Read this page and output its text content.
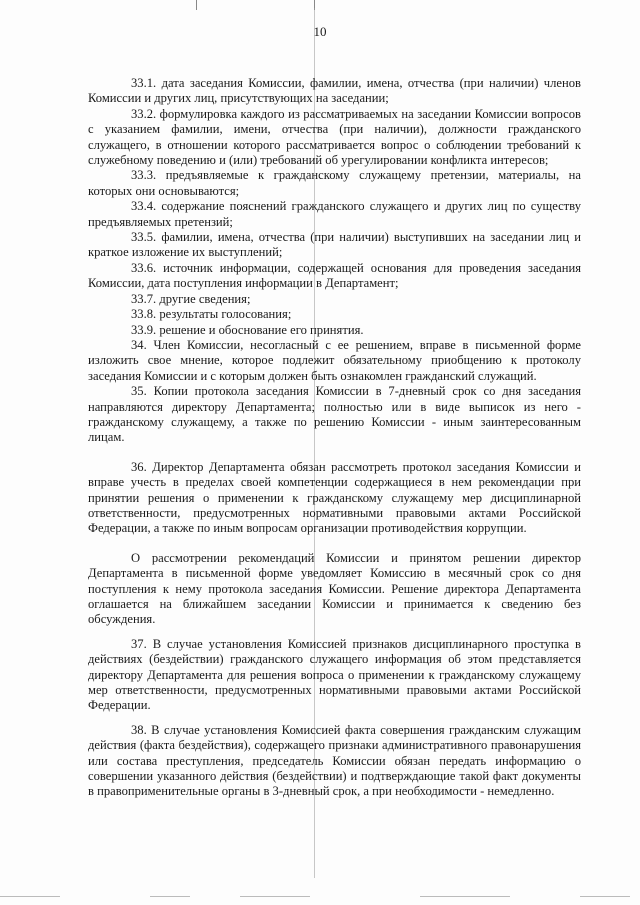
10

33.1. дата заседания Комиссии, фамилии, имена, отчества (при наличии) членов Комиссии и других лиц, присутствующих на заседании;

33.2. формулировка каждого из рассматриваемых на заседании Комиссии вопросов с указанием фамилии, имени, отчества (при наличии), должности гражданского служащего, в отношении которого рассматривается вопрос о соблюдении требований к служебному поведению и (или) требований об урегулировании конфликта интересов;

33.3. предъявляемые к гражданскому служащему претензии, материалы, на которых они основываются;

33.4. содержание пояснений гражданского служащего и других лиц по существу предъявляемых претензий;

33.5. фамилии, имена, отчества (при наличии) выступивших на заседании лиц и краткое изложение их выступлений;

33.6. источник информации, содержащей основания для проведения заседания Комиссии, дата поступления информации в Департамент;

33.7. другие сведения;

33.8. результаты голосования;

33.9. решение и обоснование его принятия.

34. Член Комиссии, несогласный с ее решением, вправе в письменной форме изложить свое мнение, которое подлежит обязательному приобщению к протоколу заседания Комиссии и с которым должен быть ознакомлен гражданский служащий.

35. Копии протокола заседания Комиссии в 7-дневный срок со дня заседания направляются директору Департамента; полностью или в виде выписок из него - гражданскому служащему, а также по решению Комиссии - иным заинтересованным лицам.

36. Директор Департамента обязан рассмотреть протокол заседания Комиссии и вправе учесть в пределах своей компетенции содержащиеся в нем рекомендации при принятии решения о применении к гражданскому служащему мер дисциплинарной ответственности, предусмотренных нормативными правовыми актами Российской Федерации, а также по иным вопросам организации противодействия коррупции.

О рассмотрении рекомендаций Комиссии и принятом решении директор Департамента в письменной форме уведомляет Комиссию в месячный срок со дня поступления к нему протокола заседания Комиссии. Решение директора Департамента оглашается на ближайшем заседании Комиссии и принимается к сведению без обсуждения.

37. В случае установления Комиссией признаков дисциплинарного проступка в действиях (бездействии) гражданского служащего информация об этом представляется директору Департамента для решения вопроса о применении к гражданскому служащему мер ответственности, предусмотренных нормативными правовыми актами Российской Федерации.

38. В случае установления Комиссией факта совершения гражданским служащим действия (факта бездействия), содержащего признаки административного правонарушения или состава преступления, председатель Комиссии обязан передать информацию о совершении указанного действия (бездействии) и подтверждающие такой факт документы в правоприменительные органы в 3-дневный срок, а при необходимости - немедленно.
